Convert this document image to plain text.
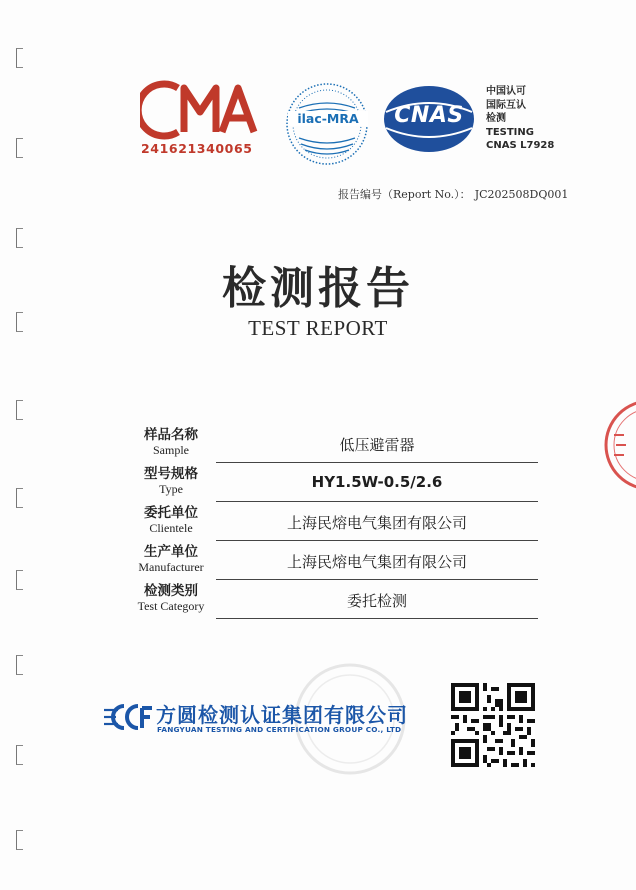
241621340065
ilac-MRA	CNAS
中国认可
国际互认
检测
TESTING
CNAS L7928
报告编号（Report No.）： JC202508DQ001
检测报告
TEST REPORT
样品名称
Sample	低压避雷器
型号规格
Type	HY1.5W-0.5/2.6
委托单位
Clientele	上海民熔电气集团有限公司
生产单位
Manufacturer	上海民熔电气集团有限公司
检测类别
Test Category	委托检测
方圆检测认证集团有限公司
FANGYUAN TESTING AND CERTIFICATION GROUP CO., LTD
